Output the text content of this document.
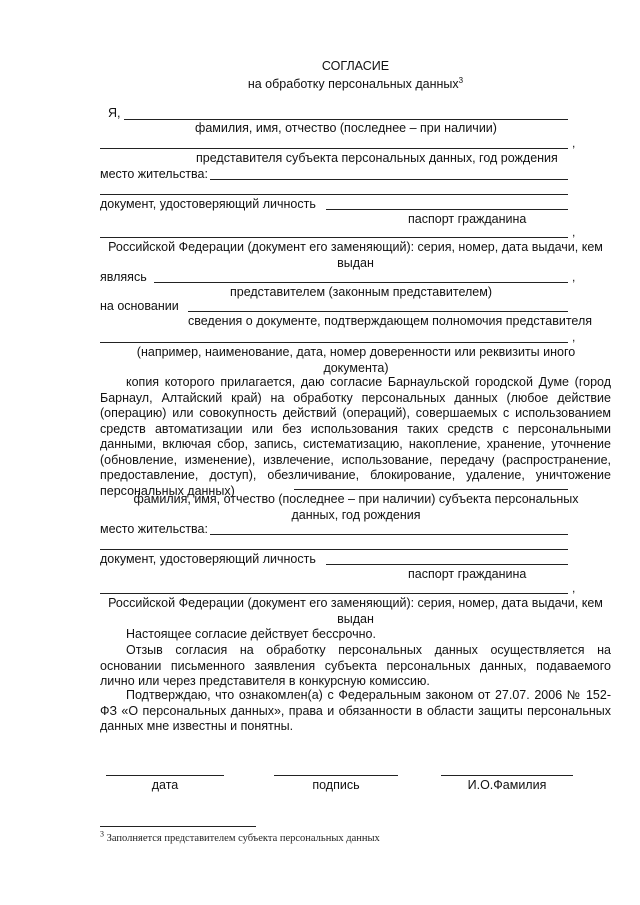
СОГЛАСИЕ
на обработку персональных данных$^3$
Я,
фамилия, имя, отчество (последнее – при наличии)
,
представителя субъекта персональных данных, год рождения
место жительства:
документ, удостоверяющий личность
паспорт гражданина
,
Российской Федерации (документ его заменяющий): серия, номер, дата выдачи, кем выдан
являясь	,
представителем (законным представителем)
на основании
сведения о документе, подтверждающем полномочия представителя
,
(например, наименование, дата, номер доверенности или реквизиты иного документа)
копия которого прилагается, даю согласие Барнаульской городской Думе (город Барнаул, Алтайский край) на обработку персональных данных (любое действие (операцию) или совокупность действий (операций), совершаемых с использованием средств автоматизации или без использования таких средств с персональными данными, включая сбор, запись, систематизацию, накопление, хранение, уточнение (обновление, изменение), извлечение, использование, передачу (распространение, предоставление, доступ), обезличивание, блокирование, удаление, уничтожение персональных данных)
фамилия, имя, отчество (последнее – при наличии) субъекта персональных данных, год рождения
место жительства:
документ, удостоверяющий личность
паспорт гражданина
,
Российской Федерации (документ его заменяющий): серия, номер, дата выдачи, кем выдан
Настоящее согласие действует бессрочно.
Отзыв согласия на обработку персональных данных осуществляется на основании письменного заявления субъекта персональных данных, подаваемого лично или через представителя в конкурсную комиссию.
Подтверждаю, что ознакомлен(а) с Федеральным законом от 27.07. 2006 № 152-ФЗ «О персональных данных», права и обязанности в области защиты персональных данных мне известны и понятны.
дата	подпись	И.О.Фамилия
$^3$ Заполняется представителем субъекта персональных данных
